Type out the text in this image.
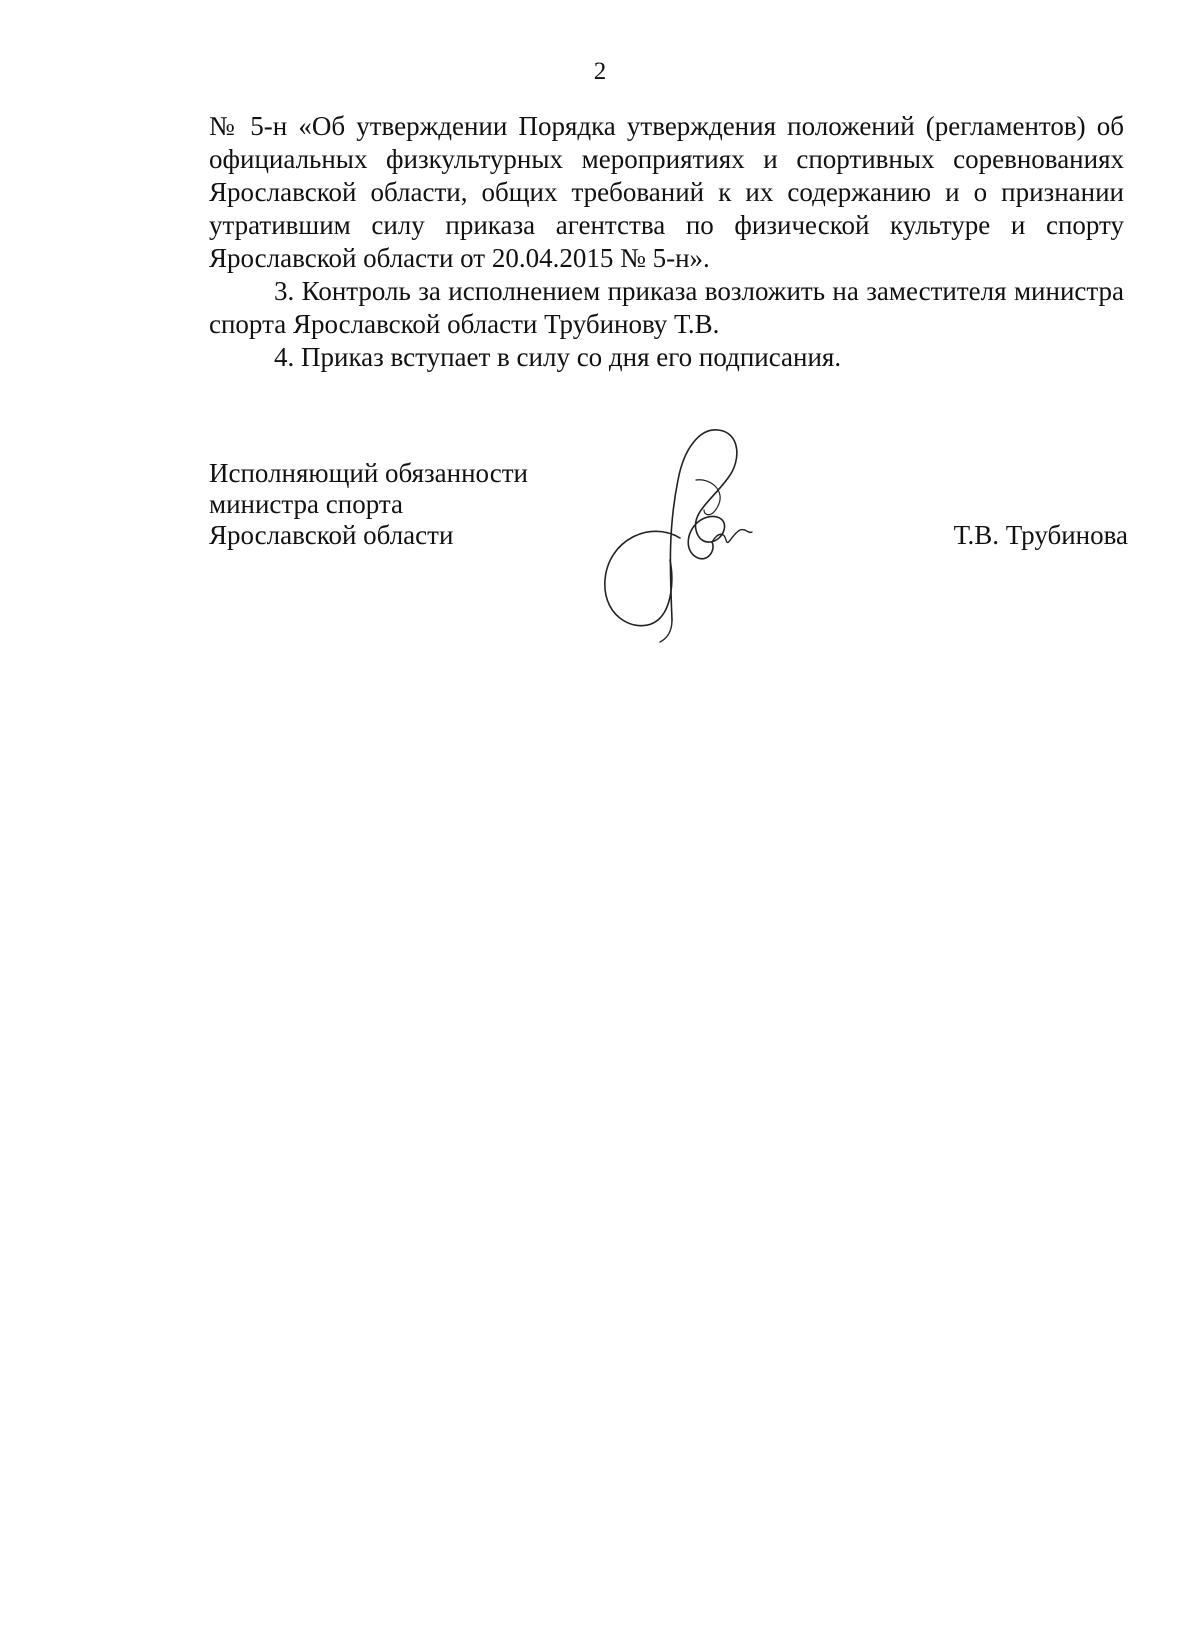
2

№ 5-н «Об утверждении Порядка утверждения положений (регламентов) об официальных физкультурных мероприятиях и спортивных соревнованиях Ярославской области, общих требований к их содержанию и о признании утратившим силу приказа агентства по физической культуре и спорту Ярославской области от 20.04.2015 № 5-н».

3. Контроль за исполнением приказа возложить на заместителя министра спорта Ярославской области Трубинову Т.В.

4. Приказ вступает в силу со дня его подписания.

Исполняющий обязанности
министра спорта
Ярославской области	Т.В. Трубинова
